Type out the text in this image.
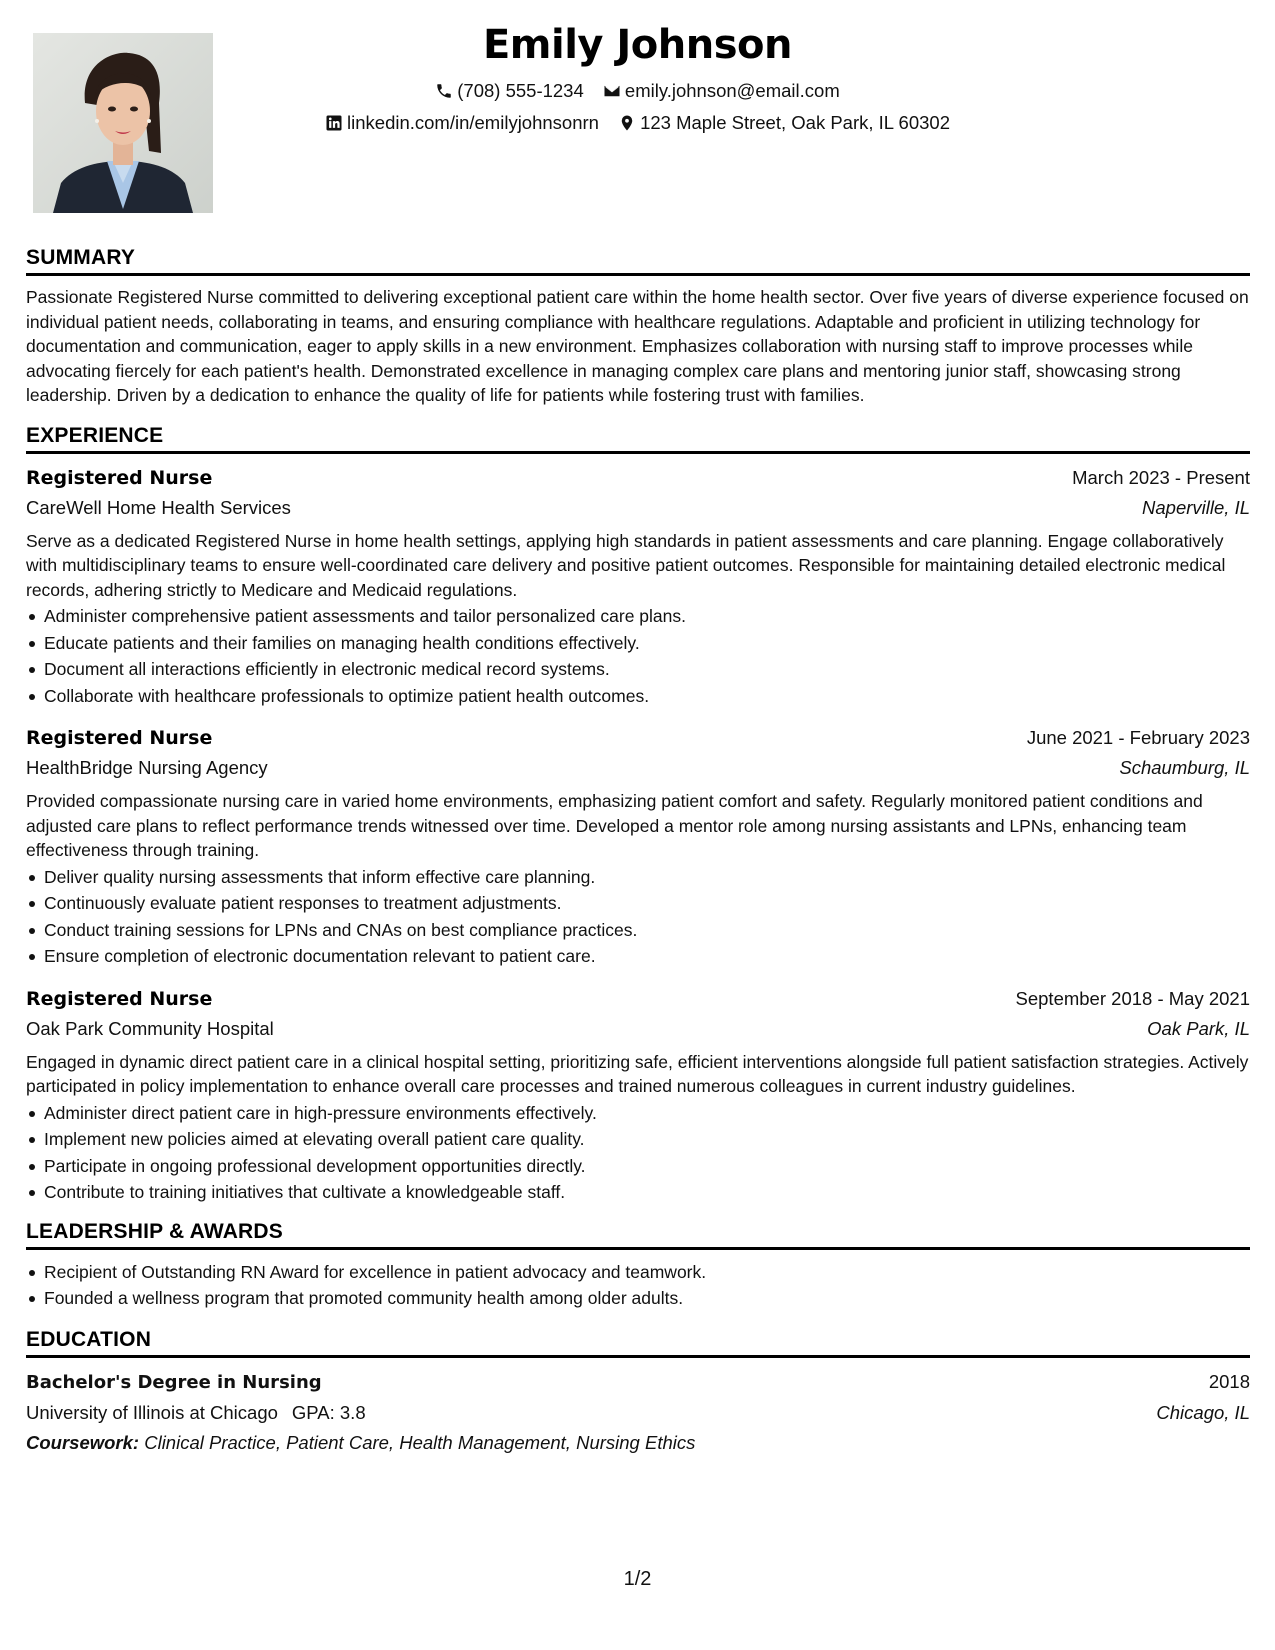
Emily Johnson
(708) 555-1234
emily.johnson@email.com
linkedin.com/in/emilyjohnsonrn
123 Maple Street, Oak Park, IL 60302
SUMMARY
Passionate Registered Nurse committed to delivering exceptional patient care within the home health sector. Over five years of diverse experience focused on individual patient needs, collaborating in teams, and ensuring compliance with healthcare regulations. Adaptable and proficient in utilizing technology for documentation and communication, eager to apply skills in a new environment. Emphasizes collaboration with nursing staff to improve processes while advocating fiercely for each patient's health. Demonstrated excellence in managing complex care plans and mentoring junior staff, showcasing strong leadership. Driven by a dedication to enhance the quality of life for patients while fostering trust with families.
EXPERIENCE
Registered Nurse	March 2023 - Present
CareWell Home Health Services	Naperville, IL
Serve as a dedicated Registered Nurse in home health settings, applying high standards in patient assessments and care planning. Engage collaboratively with multidisciplinary teams to ensure well-coordinated care delivery and positive patient outcomes. Responsible for maintaining detailed electronic medical records, adhering strictly to Medicare and Medicaid regulations.
Administer comprehensive patient assessments and tailor personalized care plans.
Educate patients and their families on managing health conditions effectively.
Document all interactions efficiently in electronic medical record systems.
Collaborate with healthcare professionals to optimize patient health outcomes.
Registered Nurse	June 2021 - February 2023
HealthBridge Nursing Agency	Schaumburg, IL
Provided compassionate nursing care in varied home environments, emphasizing patient comfort and safety. Regularly monitored patient conditions and adjusted care plans to reflect performance trends witnessed over time. Developed a mentor role among nursing assistants and LPNs, enhancing team effectiveness through training.
Deliver quality nursing assessments that inform effective care planning.
Continuously evaluate patient responses to treatment adjustments.
Conduct training sessions for LPNs and CNAs on best compliance practices.
Ensure completion of electronic documentation relevant to patient care.
Registered Nurse	September 2018 - May 2021
Oak Park Community Hospital	Oak Park, IL
Engaged in dynamic direct patient care in a clinical hospital setting, prioritizing safe, efficient interventions alongside full patient satisfaction strategies. Actively participated in policy implementation to enhance overall care processes and trained numerous colleagues in current industry guidelines.
Administer direct patient care in high-pressure environments effectively.
Implement new policies aimed at elevating overall patient care quality.
Participate in ongoing professional development opportunities directly.
Contribute to training initiatives that cultivate a knowledgeable staff.
LEADERSHIP & AWARDS
Recipient of Outstanding RN Award for excellence in patient advocacy and teamwork.
Founded a wellness program that promoted community health among older adults.
EDUCATION
Bachelor's Degree in Nursing	2018
University of Illinois at Chicago GPA: 3.8	Chicago, IL
Coursework: Clinical Practice, Patient Care, Health Management, Nursing Ethics
1/2
